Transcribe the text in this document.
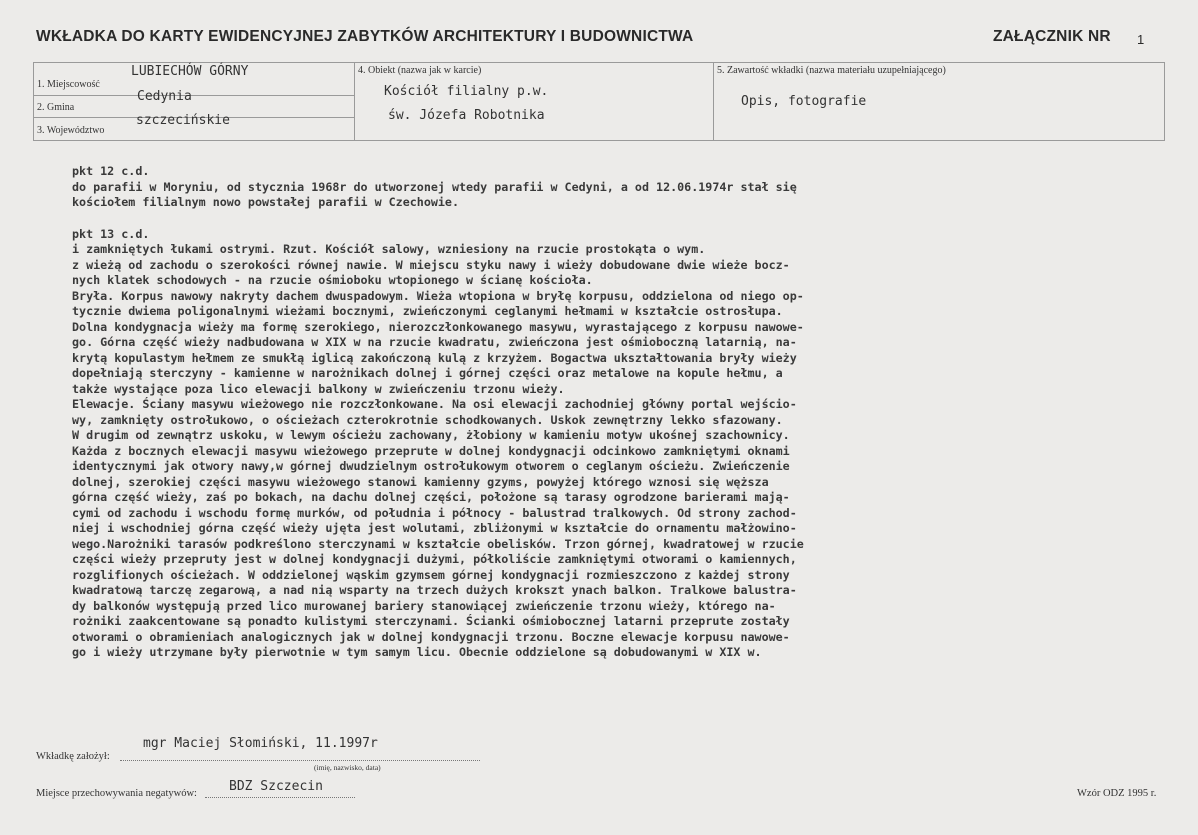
WKŁADKA DO KARTY EWIDENCYJNEJ ZABYTKÓW ARCHITEKTURY I BUDOWNICTWA	ZAŁĄCZNIK NR 1
1. Miejscowość
LUBIECHÓW GÓRNY
2. Gmina
Cedynia
3. Województwo
szczecińskie
4. Obiekt (nazwa jak w karcie)
Kościół filialny p.w.
św. Józefa Robotnika
5. Zawartość wkładki (nazwa materiału uzupełniającego)
Opis, fotografie
pkt 12 c.d.
do parafii w Moryniu, od stycznia 1968r do utworzonej wtedy parafii w Cedyni, a od 12.06.1974r stał się
kościołem filialnym nowo powstałej parafii w Czechowie.
pkt 13 c.d.
i zamkniętych łukami ostrymi. Rzut. Kościół salowy, wzniesiony na rzucie prostokąta o wym.
z wieżą od zachodu o szerokości równej nawie. W miejscu styku nawy i wieży dobudowane dwie wieże bocz-
nych klatek schodowych - na rzucie ośmioboku wtopionego w ścianę kościoła.
Bryła. Korpus nawowy nakryty dachem dwuspadowym. Wieża wtopiona w bryłę korpusu, oddzielona od niego op-
tycznie dwiema poligonalnymi wieżami bocznymi, zwieńczonymi ceglanymi hełmami w kształcie ostrosłupa.
Dolna kondygnacja wieży ma formę szerokiego, nierozczłonkowanego masywu, wyrastającego z korpusu nawowe-
go. Górna część wieży nadbudowana w XIX w na rzucie kwadratu, zwieńczona jest ośmioboczną latarnią, na-
krytą kopulastym hełmem ze smukłą iglicą zakończoną kulą z krzyżem. Bogactwa ukształtowania bryły wieży
dopełniają sterczyny - kamienne w narożnikach dolnej i górnej części oraz metalowe na kopule hełmu, a
także wystające poza lico elewacji balkony w zwieńczeniu trzonu wieży.
Elewacje. Ściany masywu wieżowego nie rozczłonkowane. Na osi elewacji zachodniej główny portal wejścio-
wy, zamknięty ostrołukowo, o ościeżach czterokrotnie schodkowanych. Uskok zewnętrzny lekko sfazowany.
W drugim od zewnątrz uskoku, w lewym ościeżu zachowany, żłobiony w kamieniu motyw ukośnej szachownicy.
Każda z bocznych elewacji masywu wieżowego przeprute w dolnej kondygnacji odcinkowo zamkniętymi oknami
identycznymi jak otwory nawy,w górnej dwudzielnym ostrołukowym otworem o ceglanym ościeżu. Zwieńczenie
dolnej, szerokiej części masywu wieżowego stanowi kamienny gzyms, powyżej którego wznosi się węższa
górna część wieży, zaś po bokach, na dachu dolnej części, położone są tarasy ogrodzone barierami mają-
cymi od zachodu i wschodu formę murków, od południa i północy - balustrad tralkowych. Od strony zachod-
niej i wschodniej górna część wieży ujęta jest wolutami, zbliżonymi w kształcie do ornamentu małżowino-
wego.Narożniki tarasów podkreślono sterczynami w kształcie obelisków. Trzon górnej, kwadratowej w rzucie
części wieży przepruty jest w dolnej kondygnacji dużymi, półkoliście zamkniętymi otworami o kamiennych,
rozglifionych ościeżach. W oddzielonej wąskim gzymsem górnej kondygnacji rozmieszczono z każdej strony
kwadratową tarczę zegarową, a nad nią wsparty na trzech dużych krokszt ynach balkon. Tralkowe balustra-
dy balkonów występują przed lico murowanej bariery stanowiącej zwieńczenie trzonu wieży, którego na-
rożniki zaakcentowane są ponadto kulistymi sterczynami. Ścianki ośmiobocznej latarni przeprute zostały
otworami o obramieniach analogicznych jak w dolnej kondygnacji trzonu. Boczne elewacje korpusu nawowe-
go i wieży utrzymane były pierwotnie w tym samym licu. Obecnie oddzielone są dobudowanymi w XIX w.
Wkładkę założył:
mgr Maciej Słomiński, 11.1997r
(imię, nazwisko, data)
Miejsce przechowywania negatywów: BDZ Szczecin	Wzór ODZ 1995 r.
